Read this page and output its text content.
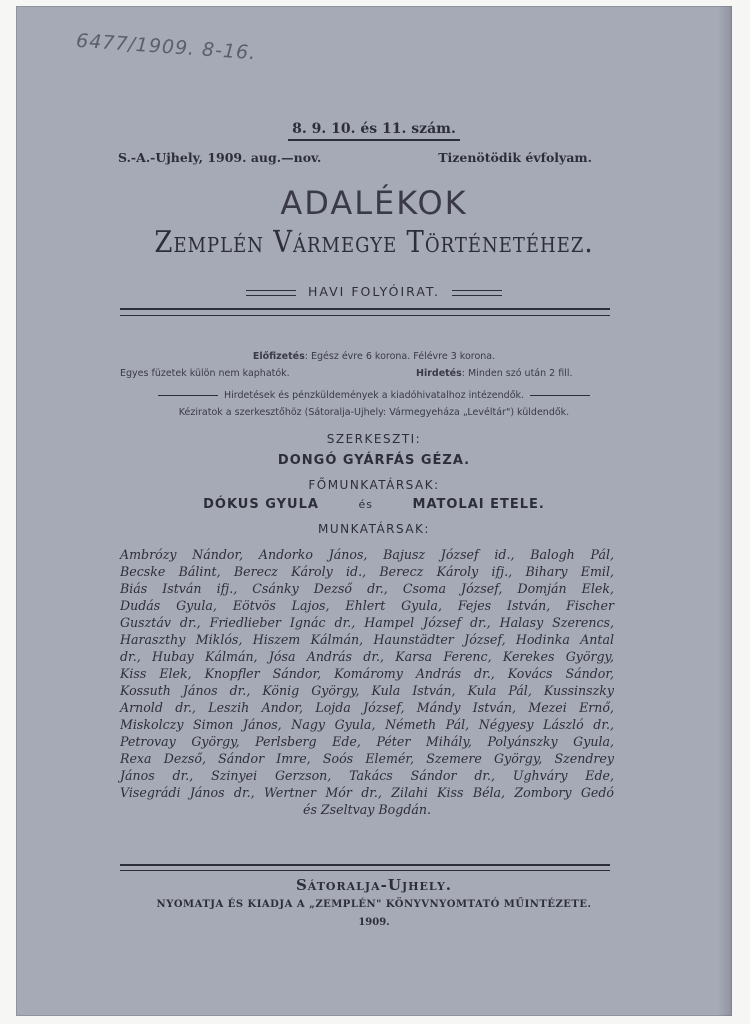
6477/1909. 8-16.
8. 9. 10. és 11. szám.
S.-A.-Ujhely, 1909. aug.—nov.	Tizenötödik évfolyam.
ADALÉKOK
Zemplén Vármegye Történetéhez.
HAVI FOLYÓIRAT.
Előfizetés: Egész évre 6 korona. Félévre 3 korona.
Egyes füzetek külön nem kaphatók.	Hirdetés: Minden szó után 2 fill.
Hirdetések és pénzküldemények a kiadóhivatalhoz intézendők.
Kéziratok a szerkesztőhöz (Sátoralja-Ujhely: Vármegyeháza „Levéltár") küldendők.
SZERKESZTI:
DONGÓ GYÁRFÁS GÉZA.
FŐMUNKATÁRSAK:
DÓKUS GYULA	és	MATOLAI ETELE.
MUNKATÁRSAK:
Ambrózy Nándor, Andorko János, Bajusz József id., Balogh Pál,
Becske Bálint, Berecz Károly id., Berecz Károly ifj., Bihary Emil,
Biás István ifj., Csánky Dezső dr., Csoma József, Domján Elek,
Dudás Gyula, Eötvös Lajos, Ehlert Gyula, Fejes István, Fischer
Gusztáv dr., Friedlieber Ignác dr., Hampel József dr., Halasy Szerencs,
Haraszthy Miklós, Hiszem Kálmán, Haunstädter József, Hodinka Antal
dr., Hubay Kálmán, Jósa András dr., Karsa Ferenc, Kerekes György,
Kiss Elek, Knopfler Sándor, Komáromy András dr., Kovács Sándor,
Kossuth János dr., König György, Kula István, Kula Pál, Kussinszky
Arnold dr., Leszih Andor, Lojda József, Mándy István, Mezei Ernő,
Miskolczy Simon János, Nagy Gyula, Németh Pál, Négyesy László dr.,
Petrovay György, Perlsberg Ede, Péter Mihály, Polyánszky Gyula,
Rexa Dezső, Sándor Imre, Soós Elemér, Szemere György, Szendrey
János dr., Szinyei Gerzson, Takács Sándor dr., Ughváry Ede,
Visegrádi János dr., Wertner Mór dr., Zilahi Kiss Béla, Zombory Gedó
és Zseltvay Bogdán.
Sátoralja-Ujhely.
NYOMATJA ÉS KIADJA A „ZEMPLÉN" KÖNYVNYOMTATÓ MŰINTÉZETE.
1909.
